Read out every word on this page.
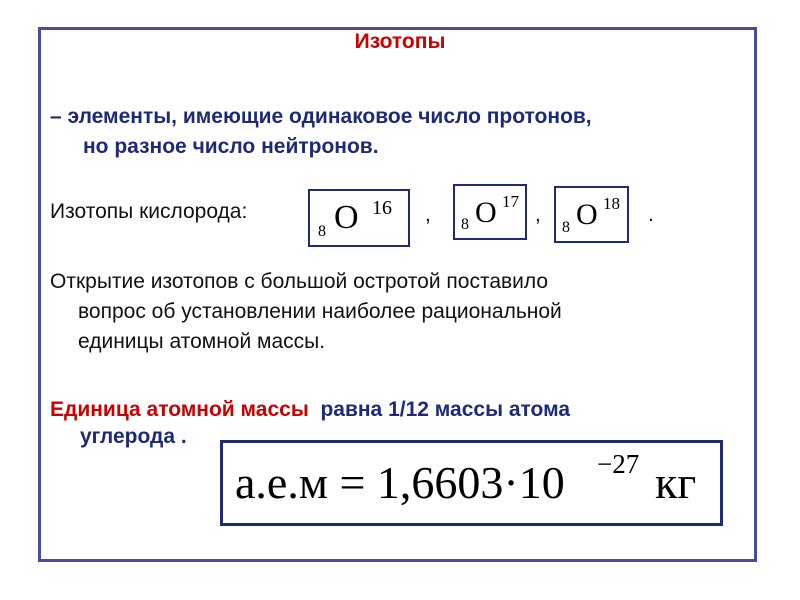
Изотопы
– элементы, имеющие одинаковое число протонов,
но разное число нейтронов.
Изотопы кислорода:
8 O 16 , 8 O 17
,
8 O 18 .
Открытие изотопов с большой остротой поставило
вопрос об установлении наиболее рациональной
единицы атомной массы.
Единица атомной массы равна 1/12 массы атома
углерода .
а.е.м = 1,6603·10 −27 кг
